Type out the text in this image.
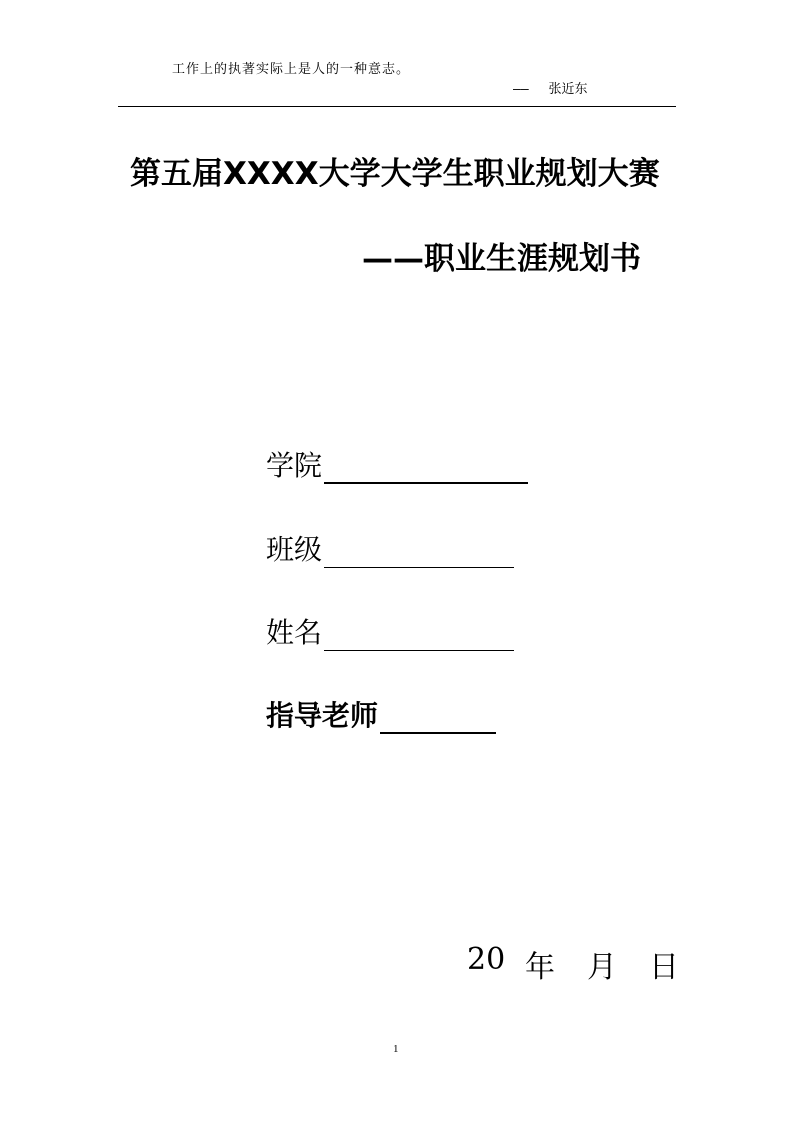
工作上的执著实际上是人的一种意志。
—— 张近东
第五届XXXX大学大学生职业规划大赛
——职业生涯规划书
学院
班级
姓名
指导老师
20 年	月	日
1
